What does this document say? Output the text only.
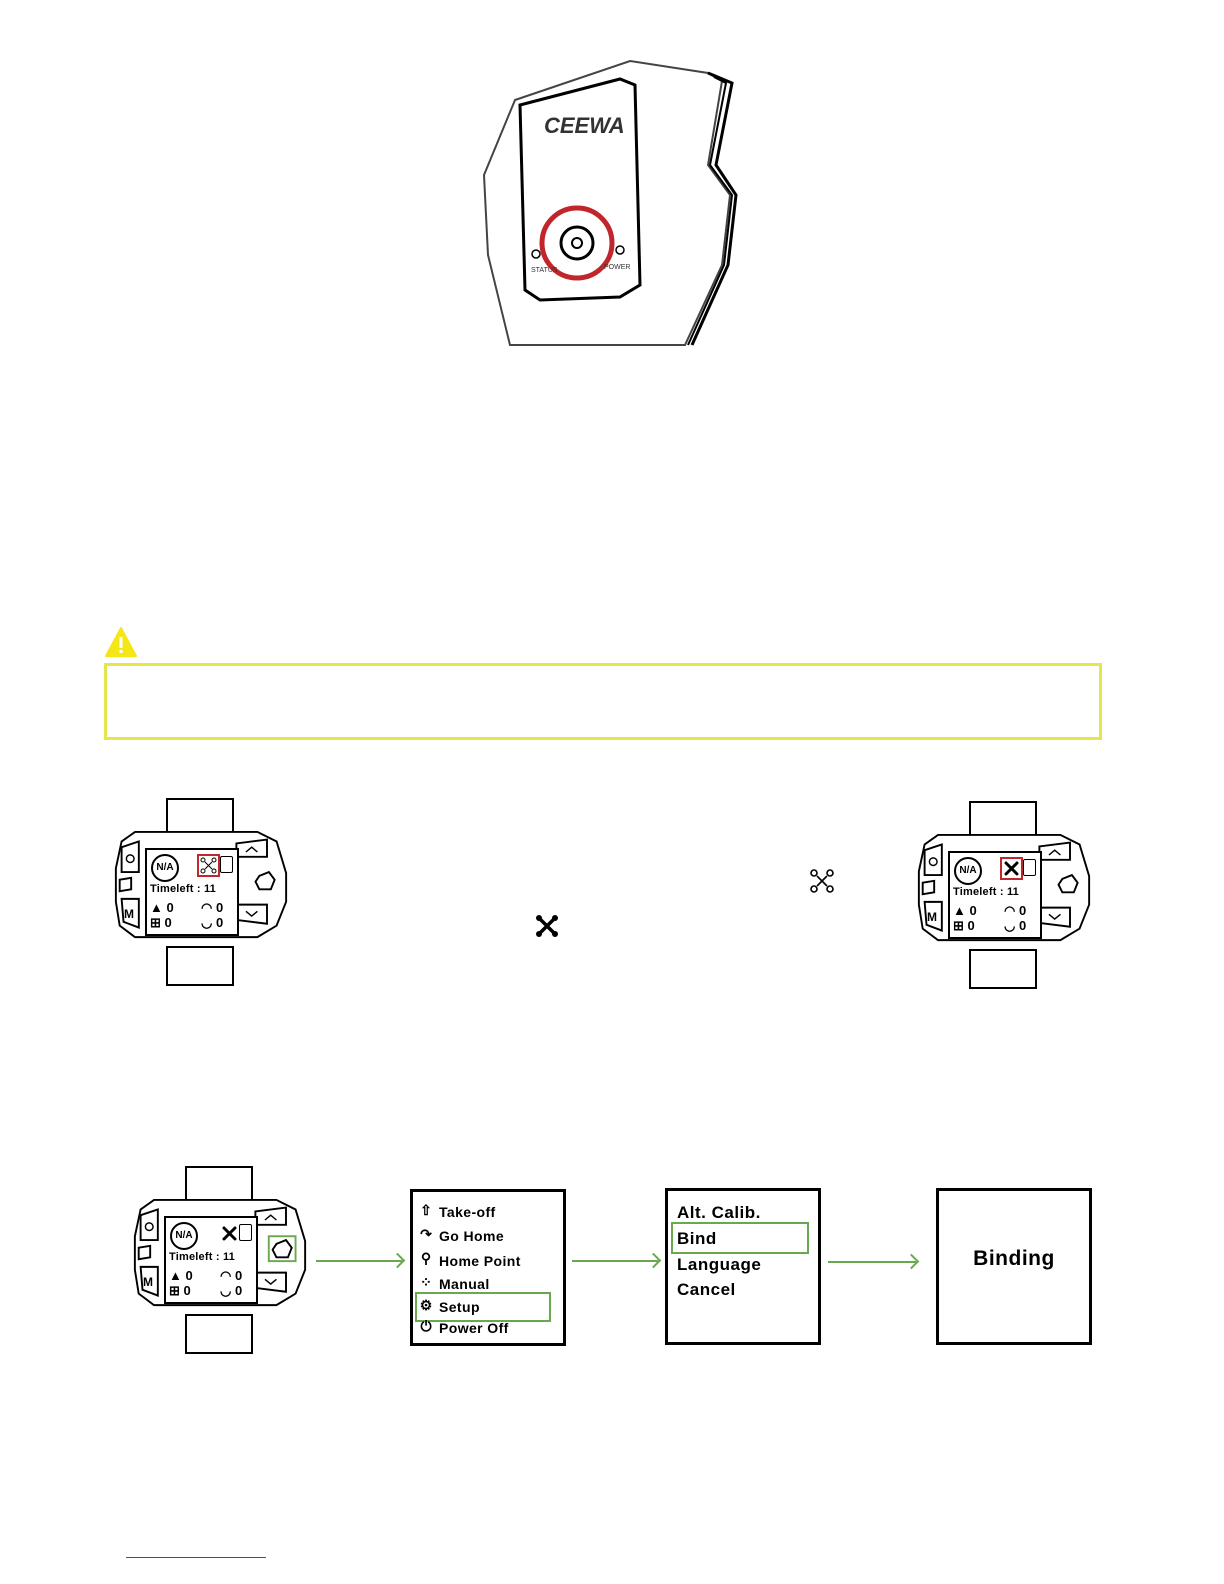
CEEWA
STATUS	POWER
M
N/A
Timeleft : 11
▲ 0 ◠ 0
⊞ 0 ◡ 0	M
N/A
Timeleft : 11
▲ 0 ◠ 0
⊞ 0 ◡ 0
M
N/A
Timeleft : 11
▲ 0 ◠ 0
⊞ 0 ◡ 0
⇧ Take-off
↷ Go Home
⚲ Home Point
⁘ Manual
⚙ Setup
⏻ Power Off
Alt. Calib.
Bind
Language
Cancel
Binding
